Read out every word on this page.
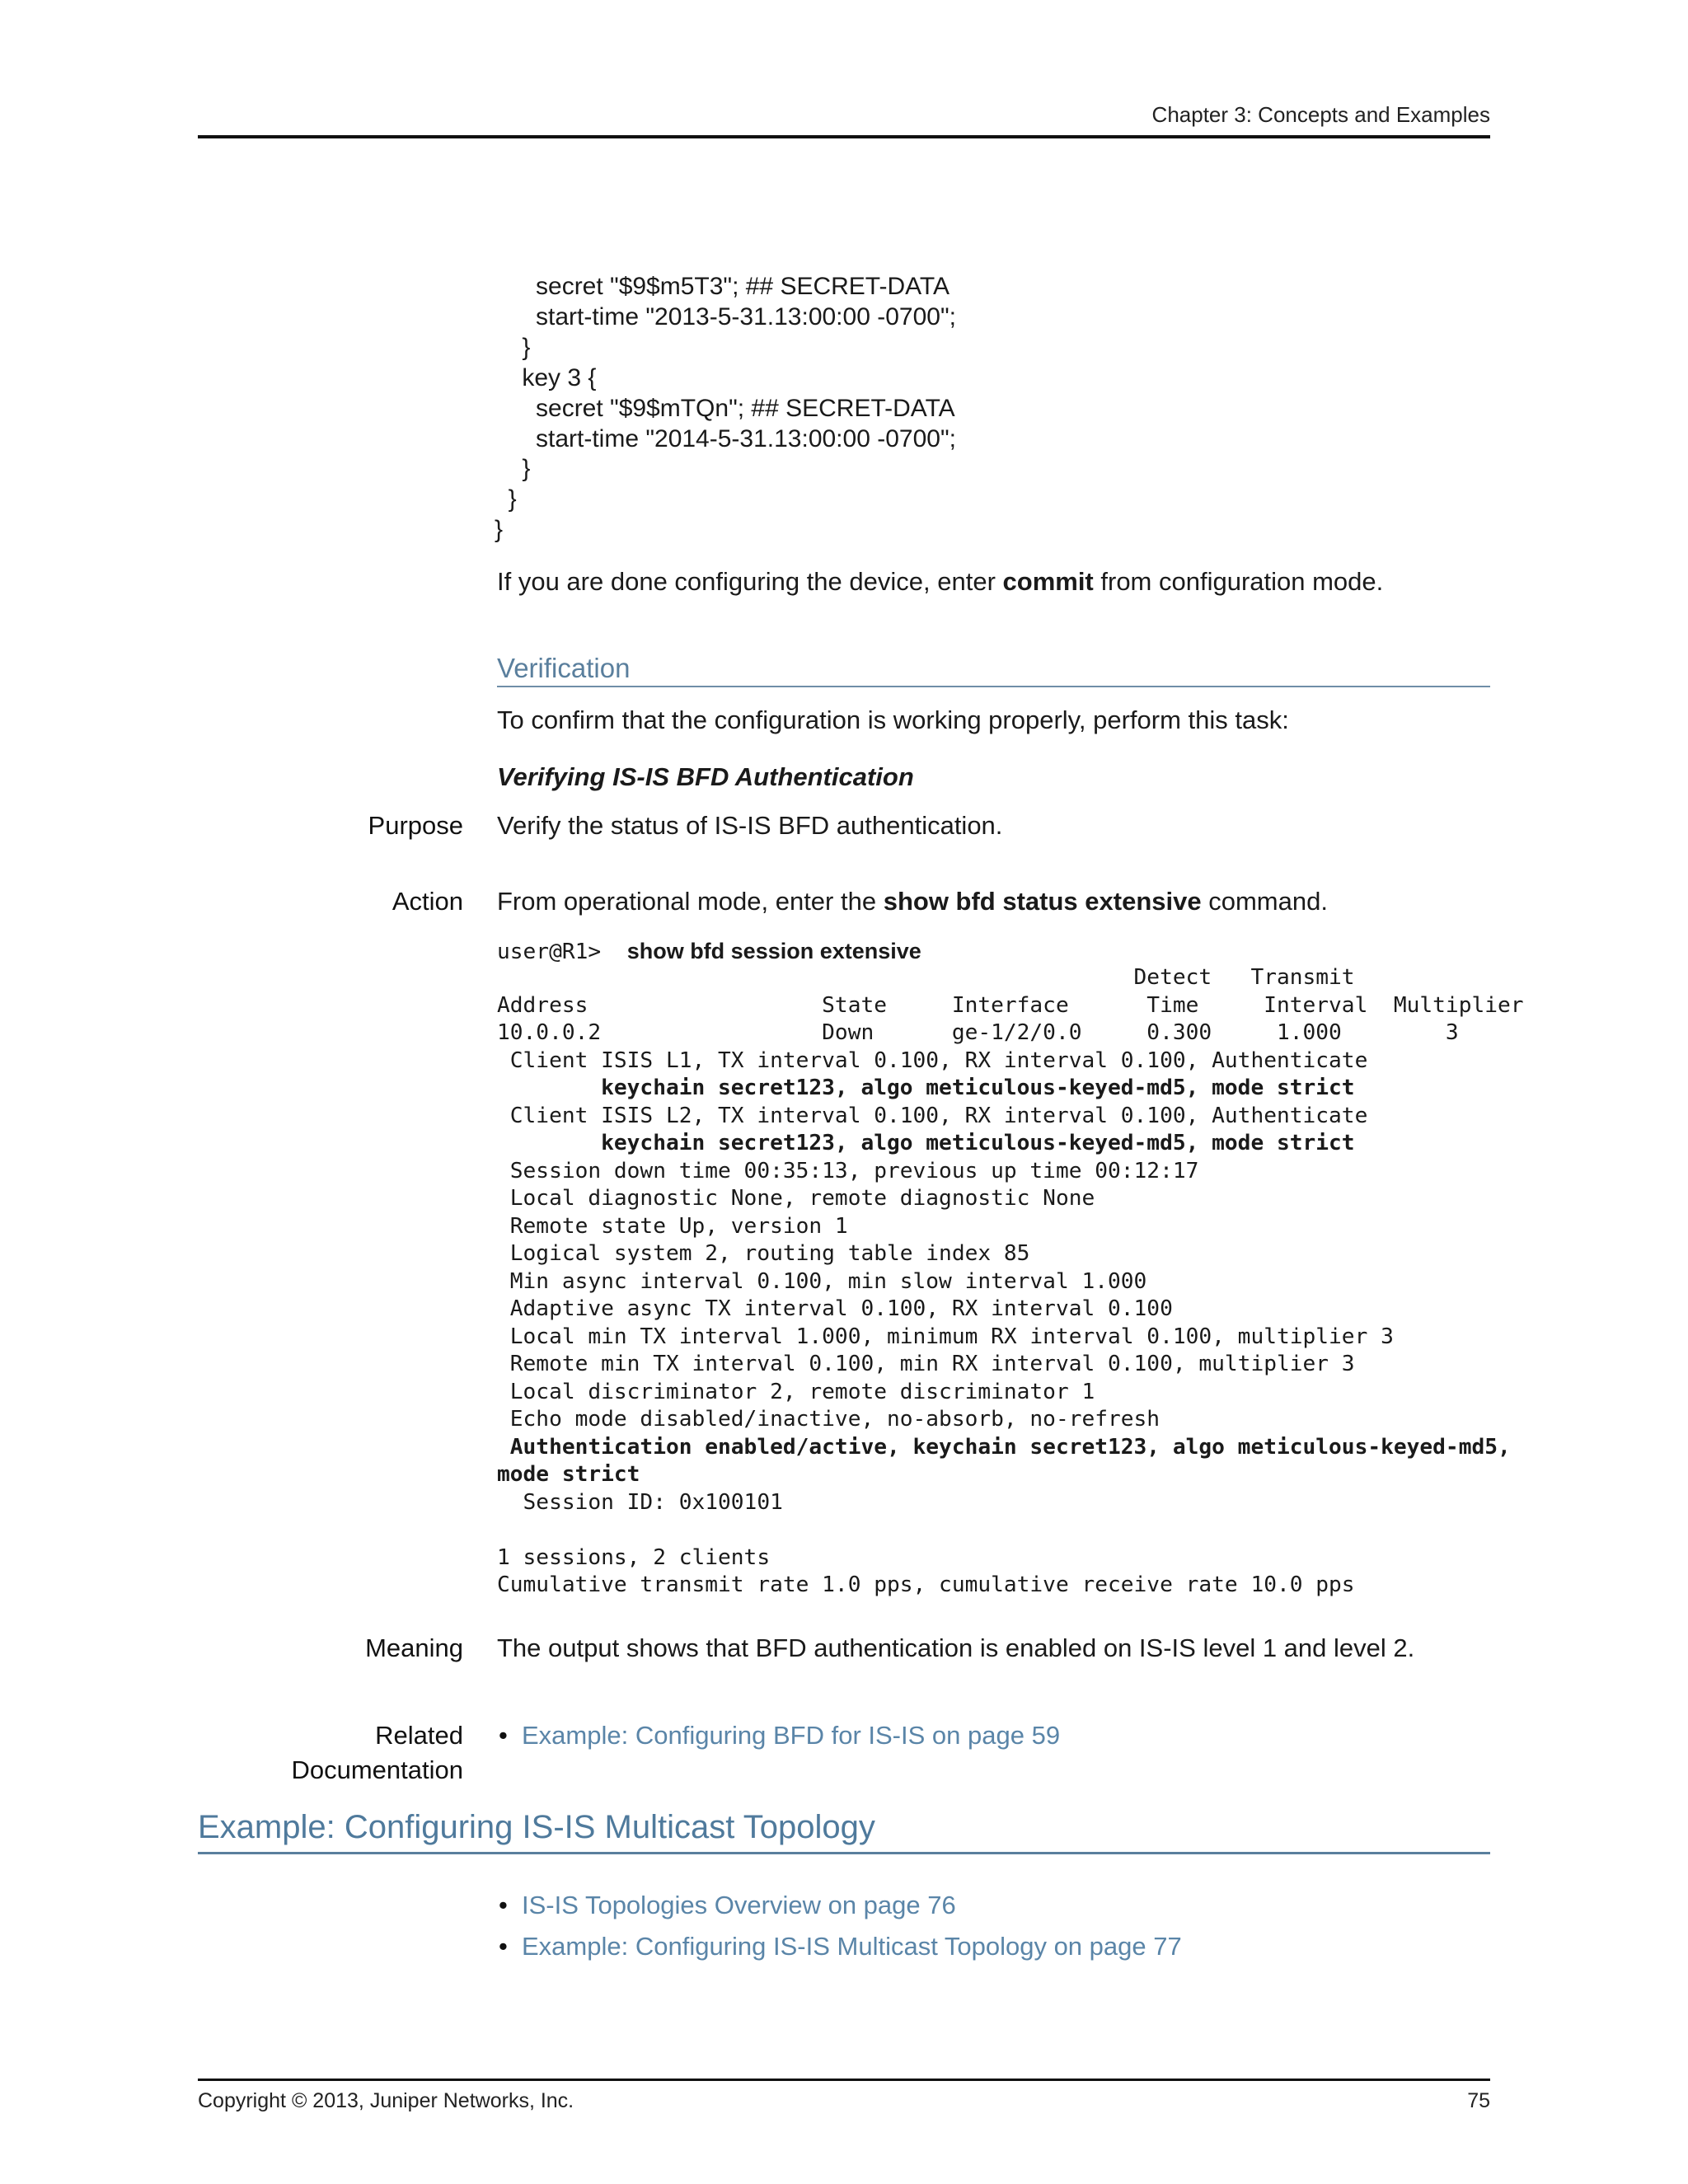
Chapter 3: Concepts and Examples
secret "$9$m5T3"; ## SECRET-DATA
start-time "2013-5-31.13:00:00 -0700";
}
key 3 {
secret "$9$mTQn"; ## SECRET-DATA
start-time "2014-5-31.13:00:00 -0700";
}
}
}
If you are done configuring the device, enter commit from configuration mode.
Verification
To confirm that the configuration is working properly, perform this task:
Verifying IS-IS BFD Authentication
Purpose Verify the status of IS-IS BFD authentication.
Action From operational mode, enter the show bfd status extensive command.
user@R1> show bfd session extensive
Detect   Transmit
Address                  State     Interface      Time     Interval  Multiplier
10.0.0.2                 Down      ge-1/2/0.0     0.300     1.000        3
Client ISIS L1, TX interval 0.100, RX interval 0.100, Authenticate
keychain secret123, algo meticulous-keyed-md5, mode strict
Client ISIS L2, TX interval 0.100, RX interval 0.100, Authenticate
keychain secret123, algo meticulous-keyed-md5, mode strict
Session down time 00:35:13, previous up time 00:12:17
Local diagnostic None, remote diagnostic None
Remote state Up, version 1
Logical system 2, routing table index 85
Min async interval 0.100, min slow interval 1.000
Adaptive async TX interval 0.100, RX interval 0.100
Local min TX interval 1.000, minimum RX interval 0.100, multiplier 3
Remote min TX interval 0.100, min RX interval 0.100, multiplier 3
Local discriminator 2, remote discriminator 1
Echo mode disabled/inactive, no-absorb, no-refresh
Authentication enabled/active, keychain secret123, algo meticulous-keyed-md5,
mode strict
Session ID: 0x100101

1 sessions, 2 clients
Cumulative transmit rate 1.0 pps, cumulative receive rate 10.0 pps
Meaning The output shows that BFD authentication is enabled on IS-IS level 1 and level 2.
Related
Documentation
• Example: Configuring BFD for IS-IS on page 59
Example: Configuring IS-IS Multicast Topology
• IS-IS Topologies Overview on page 76
• Example: Configuring IS-IS Multicast Topology on page 77
Copyright © 2013, Juniper Networks, Inc.	75
